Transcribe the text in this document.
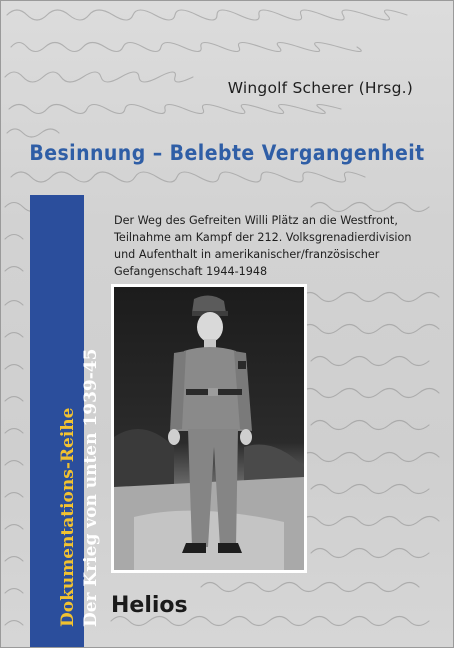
Wingolf Scherer (Hrsg.)
Besinnung – Belebte Vergangenheit
Dokumentations-Reihe Der Krieg von unten 1939-45
Der Weg des Gefreiten Willi Plätz an die Westfront,
Teilnahme am Kampf der 212. Volksgrenadierdivision
und Aufenthalt in amerikanischer/französischer
Gefangenschaft 1944-1948
Helios
